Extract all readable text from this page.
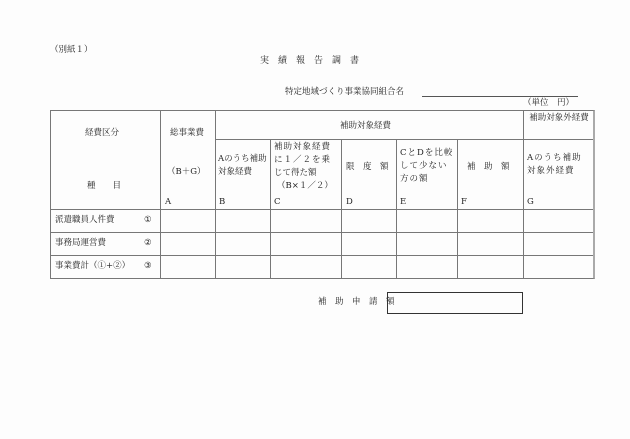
（別紙１）
実　績　報　告　調　書
特定地域づくり事業協同組合名
（単位　円）
経費区分
種　　目
総事業費
（B＋G）
A
補助対象経費
Aのうち補助対象経費
B
補助対象経費
に１／２を乗
じて得た額
（B×１／２）
C
限　度　額
D
CとDを比較して少ない方の額
E
補　助　額
F
補助対象外経費
Aのうち補助対象外経費
G
派遣職員人件費	①
事務局運営費	②
事業費計（①+②） ③
補　助　申　請　額
